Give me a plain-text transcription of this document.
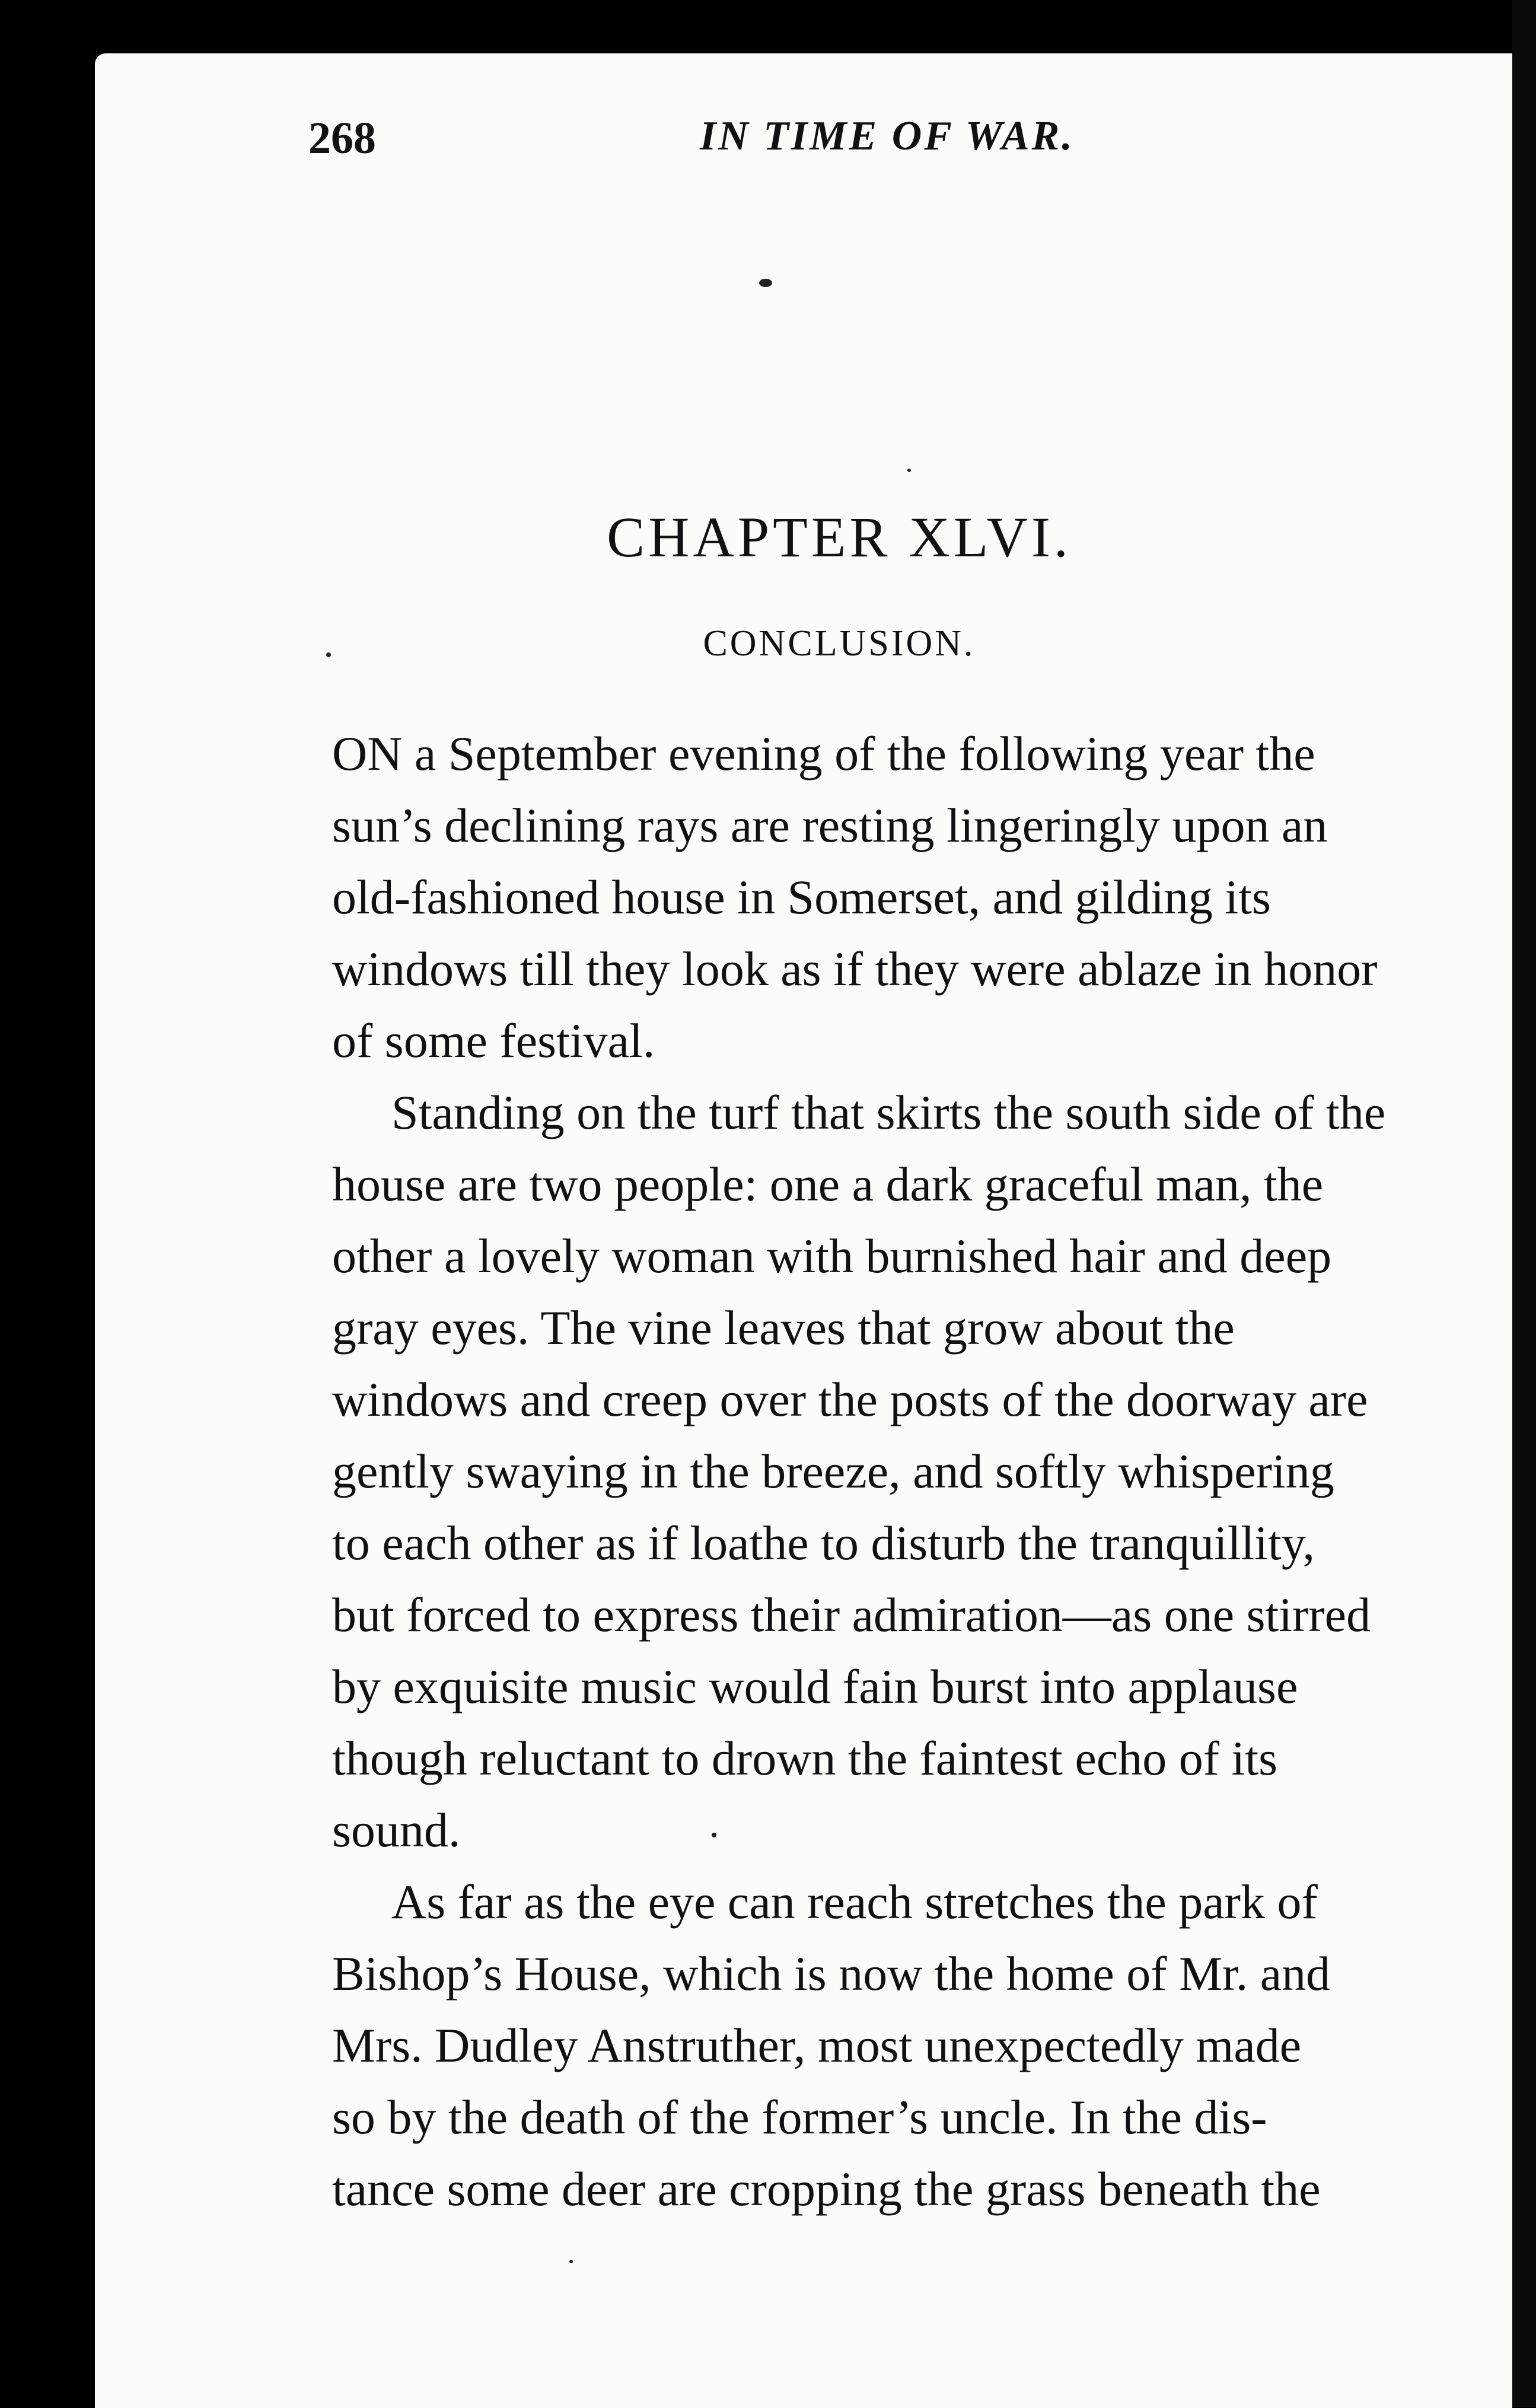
268	IN TIME OF WAR.
CHAPTER XLVI.
CONCLUSION.
ON a September evening of the following year the
sun’s declining rays are resting lingeringly upon an
old-fashioned house in Somerset, and gilding its
windows till they look as if they were ablaze in honor
of some festival.
Standing on the turf that skirts the south side of the
house are two people: one a dark graceful man, the
other a lovely woman with burnished hair and deep
gray eyes. The vine leaves that grow about the
windows and creep over the posts of the doorway are
gently swaying in the breeze, and softly whispering
to each other as if loathe to disturb the tranquillity,
but forced to express their admiration—as one stirred
by exquisite music would fain burst into applause
though reluctant to drown the faintest echo of its
sound.
As far as the eye can reach stretches the park of
Bishop’s House, which is now the home of Mr. and
Mrs. Dudley Anstruther, most unexpectedly made
so by the death of the former’s uncle. In the dis-
tance some deer are cropping the grass beneath the
